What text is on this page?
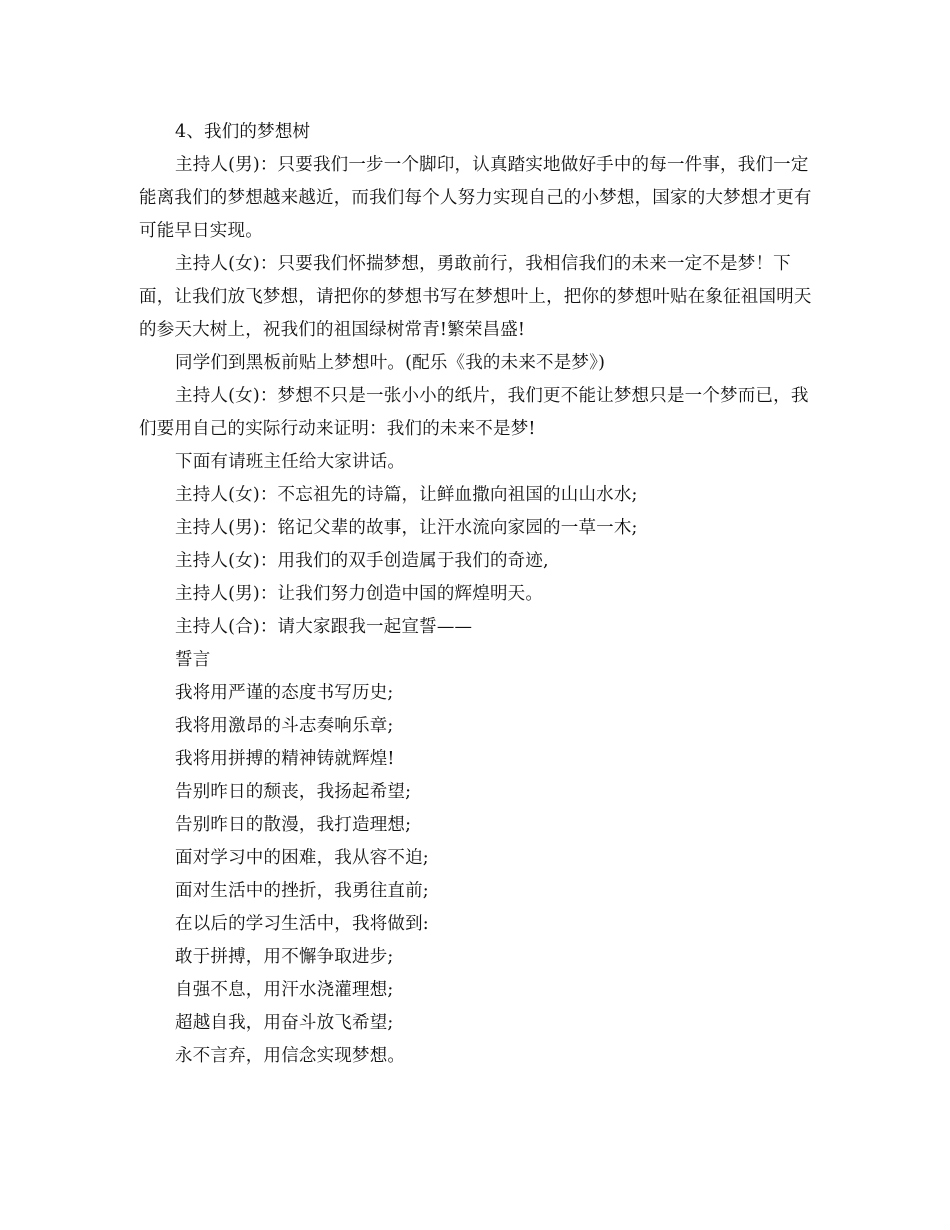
4、我们的梦想树

主持人(男)：只要我们一步一个脚印，认真踏实地做好手中的每一件事，我们一定能离我们的梦想越来越近，而我们每个人努力实现自己的小梦想，国家的大梦想才更有可能早日实现。

主持人(女)：只要我们怀揣梦想，勇敢前行，我相信我们的未来一定不是梦！下面，让我们放飞梦想，请把你的梦想书写在梦想叶上，把你的梦想叶贴在象征祖国明天的参天大树上，祝我们的祖国绿树常青!繁荣昌盛!

同学们到黑板前贴上梦想叶。(配乐《我的未来不是梦》)

主持人(女)：梦想不只是一张小小的纸片，我们更不能让梦想只是一个梦而已，我们要用自己的实际行动来证明：我们的未来不是梦!

下面有请班主任给大家讲话。

主持人(女)：不忘祖先的诗篇，让鲜血撒向祖国的山山水水;

主持人(男)：铭记父辈的故事，让汗水流向家园的一草一木;

主持人(女)：用我们的双手创造属于我们的奇迹,

主持人(男)：让我们努力创造中国的辉煌明天。

主持人(合)：请大家跟我一起宣誓——

誓言

我将用严谨的态度书写历史;

我将用激昂的斗志奏响乐章;

我将用拼搏的精神铸就辉煌!

告别昨日的颓丧，我扬起希望;

告别昨日的散漫，我打造理想;

面对学习中的困难，我从容不迫;

面对生活中的挫折，我勇往直前;

在以后的学习生活中，我将做到:

敢于拼搏，用不懈争取进步;

自强不息，用汗水浇灌理想;

超越自我，用奋斗放飞希望;

永不言弃，用信念实现梦想。
